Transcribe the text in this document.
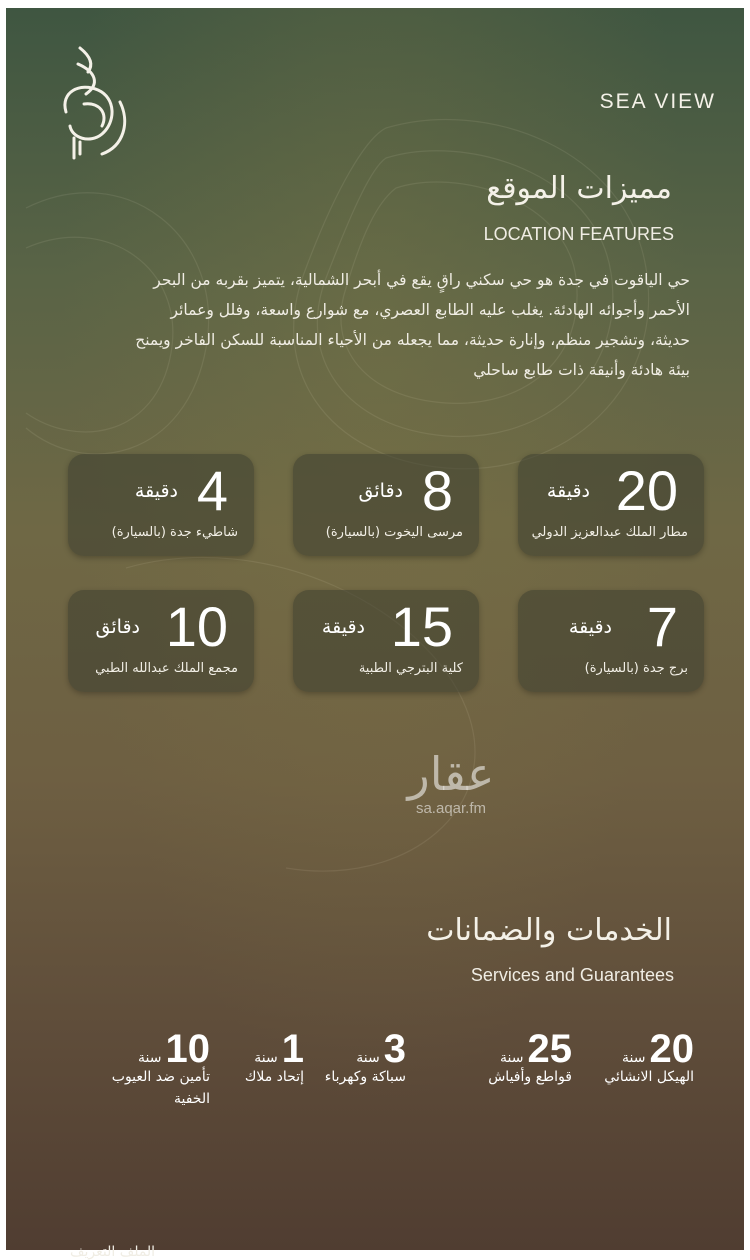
SEA VIEW
مميزات الموقع
LOCATION FEATURES
حي الياقوت في جدة هو حي سكني راقٍ يقع في أبحر الشمالية، يتميز بقربه من البحر الأحمر وأجوائه الهادئة. يغلب عليه الطابع العصري، مع شوارع واسعة، وفلل وعمائر حديثة، وتشجير منظم، وإنارة حديثة، مما يجعله من الأحياء المناسبة للسكن الفاخر ويمنح بيئة هادئة وأنيقة ذات طابع ساحلي
20
دقيقة
مطار الملك عبدالعزيز الدولي
8
دقائق
مرسى اليخوت (بالسيارة)
4
دقيقة
شاطيء جدة (بالسيارة)
7
دقيقة
برج جدة (بالسيارة)
15
دقيقة
كلية البترجي الطبية
10
دقائق
مجمع الملك عبدالله الطبي
عقار
sa.aqar.fm
الخدمات والضمانات
Services and Guarantees
20سنة
الهيكل الانشائي
25سنة
قواطع وأفياش
3سنة
سباكة وكهرباء
1سنة
إتحاد ملاك
10سنة
تأمين ضد العيوب الخفية
الملف التعريف
